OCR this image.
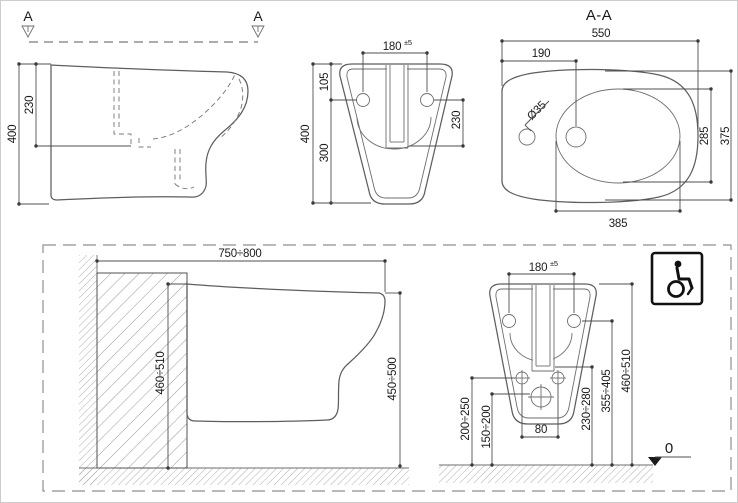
A	A
400
230
180 ±5
105
300
400
230
A-A
Ø35
550
190
285 375
385
750÷800
460÷510	450÷500
180 ±5
200÷250 150÷200	80	230÷280 355÷405 460÷510
0
